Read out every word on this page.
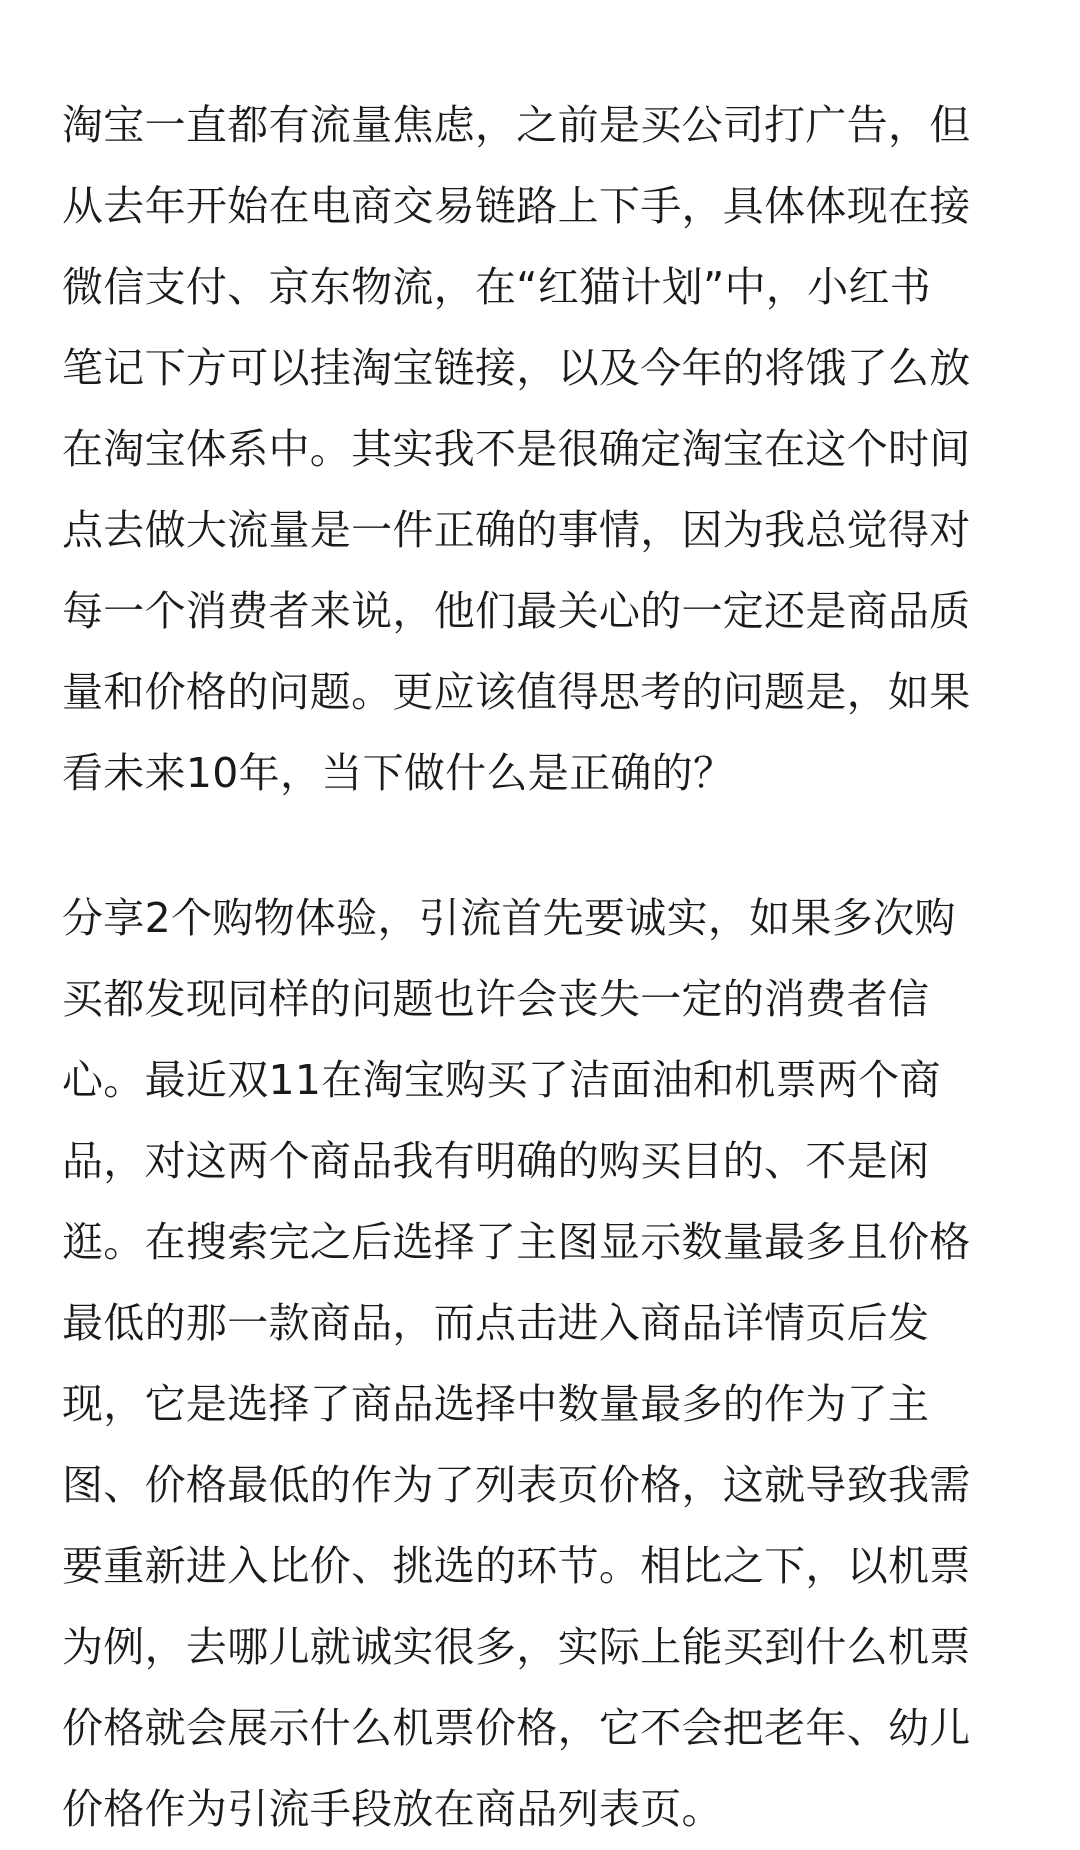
淘宝一直都有流量焦虑，之前是买公司打广告，但
从去年开始在电商交易链路上下手，具体体现在接
微信支付、京东物流，在“红猫计划”中，小红书
笔记下方可以挂淘宝链接，以及今年的将饿了么放
在淘宝体系中。其实我不是很确定淘宝在这个时间
点去做大流量是一件正确的事情，因为我总觉得对
每一个消费者来说，他们最关心的一定还是商品质
量和价格的问题。更应该值得思考的问题是，如果
看未来10年，当下做什么是正确的？
分享2个购物体验，引流首先要诚实，如果多次购
买都发现同样的问题也许会丧失一定的消费者信
心。最近双11在淘宝购买了洁面油和机票两个商
品，对这两个商品我有明确的购买目的、不是闲
逛。在搜索完之后选择了主图显示数量最多且价格
最低的那一款商品，而点击进入商品详情页后发
现，它是选择了商品选择中数量最多的作为了主
图、价格最低的作为了列表页价格，这就导致我需
要重新进入比价、挑选的环节。相比之下，以机票
为例，去哪儿就诚实很多，实际上能买到什么机票
价格就会展示什么机票价格，它不会把老年、幼儿
价格作为引流手段放在商品列表页。
